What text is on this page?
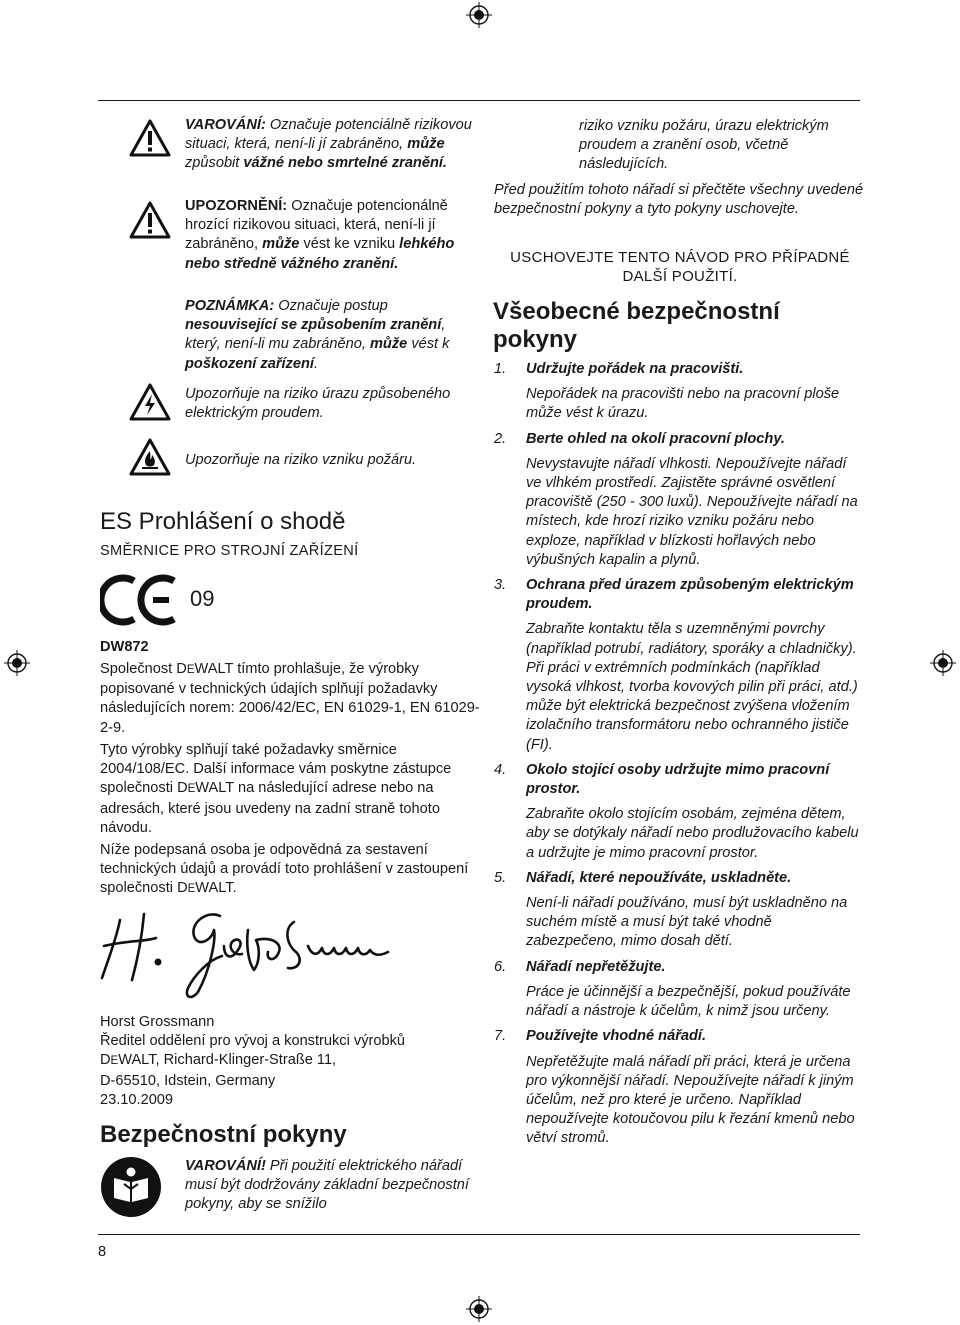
8
VAROVÁNÍ: Označuje potenciálně rizikovou situaci, která, není-li jí zabráněno, může způsobit vážné nebo smrtelné zranění.
UPOZORNĚNÍ: Označuje potencionálně hrozící rizikovou situaci, která, není-li jí zabráněno, může vést ke vzniku lehkého nebo středně vážného zranění.
POZNÁMKA: Označuje postup nesouvisející se způsobením zranění, který, není-li mu zabráněno, může vést k poškození zařízení.
Upozorňuje na riziko úrazu způsobeného elektrickým proudem.
Upozorňuje na riziko vzniku požáru.
ES Prohlášení o shodě
SMĚRNICE PRO STROJNÍ ZAŘÍZENÍ
09
DW872

Společnost DEWALT tímto prohlašuje, že výrobky popisované v technických údajích splňují požadavky následujících norem: 2006/42/EC, EN 61029-1, EN 61029-2-9.

Tyto výrobky splňují také požadavky směrnice 2004/108/EC. Další informace vám poskytne zástupce společnosti DEWALT na následující adrese nebo na adresách, které jsou uvedeny na zadní straně tohoto návodu.

Níže podepsaná osoba je odpovědná za sestavení technických údajů a provádí toto prohlášení v zastoupení společnosti DEWALT.

Horst Grossmann

Ředitel oddělení pro vývoj a konstrukci výrobků

DEWALT, Richard-Klinger-Straße 11,

D-65510, Idstein, Germany

23.10.2009

Bezpečnostní pokyny
VAROVÁNÍ! Při použití elektrického nářadí musí být dodržovány základní bezpečnostní pokyny, aby se snížilo
riziko vzniku požáru, úrazu elektrickým proudem a zranění osob, včetně následujících.
Před použitím tohoto nářadí si přečtěte všechny uvedené bezpečnostní pokyny a tyto pokyny uschovejte.
USCHOVEJTE TENTO NÁVOD PRO PŘÍPADNÉ DALŠÍ POUŽITÍ.
Všeobecné bezpečnostní pokyny
1. Udržujte pořádek na pracovišti.

Nepořádek na pracovišti nebo na pracovní ploše může vést k úrazu.

2. Berte ohled na okolí pracovní plochy.

Nevystavujte nářadí vlhkosti. Nepoužívejte nářadí ve vlhkém prostředí. Zajistěte správné osvětlení pracoviště (250 - 300 luxů). Nepoužívejte nářadí na místech, kde hrozí riziko vzniku požáru nebo exploze, například v blízkosti hořlavých nebo výbušných kapalin a plynů.

3. Ochrana před úrazem způsobeným elektrickým proudem.

Zabraňte kontaktu těla s uzemněnými povrchy (například potrubí, radiátory, sporáky a chladničky). Při práci v extrémních podmínkách (například vysoká vlhkost, tvorba kovových pilin při práci, atd.) může být elektrická bezpečnost zvýšena vložením izolačního transformátoru nebo ochranného jističe (FI).

4. Okolo stojící osoby udržujte mimo pracovní prostor.

Zabraňte okolo stojícím osobám, zejména dětem, aby se dotýkaly nářadí nebo prodlužovacího kabelu a udržujte je mimo pracovní prostor.

5. Nářadí, které nepoužíváte, uskladněte.

Není-li nářadí používáno, musí být uskladněno na suchém místě a musí být také vhodně zabezpečeno, mimo dosah dětí.

6. Nářadí nepřetěžujte.

Práce je účinnější a bezpečnější, pokud používáte nářadí a nástroje k účelům, k nimž jsou určeny.

7. Používejte vhodné nářadí.

Nepřetěžujte malá nářadí při práci, která je určena pro výkonnější nářadí. Nepoužívejte nářadí k jiným účelům, než pro které je určeno. Například nepoužívejte kotoučovou pilu k řezání kmenů nebo větví stromů.
